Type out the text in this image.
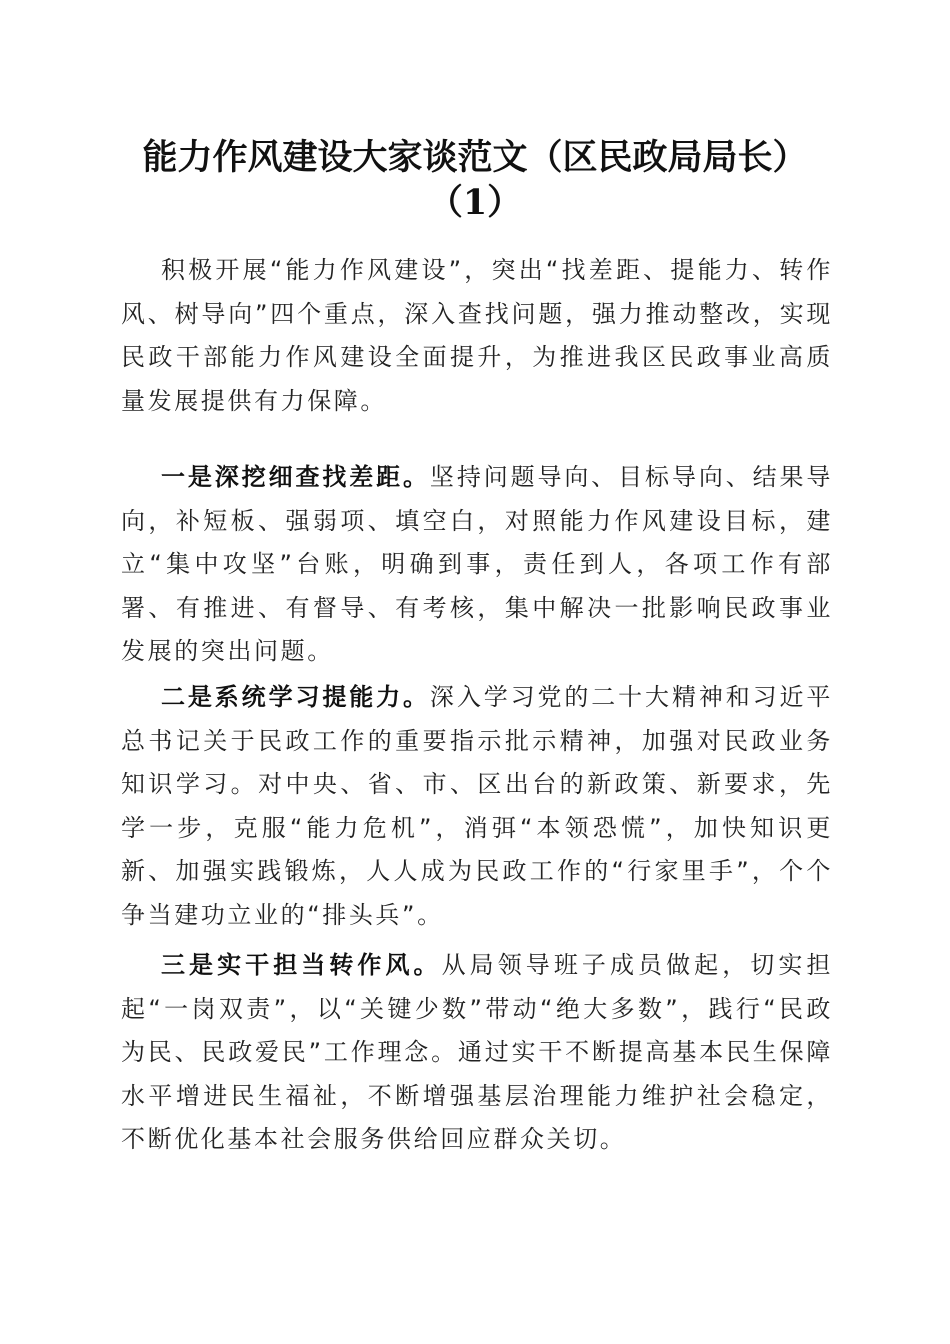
能力作风建设大家谈范文（区民政局局长）
（1）

积极开展“能力作风建设”，突出“找差距、提能力、转作风、树导向”四个重点，深入查找问题，强力推动整改，实现民政干部能力作风建设全面提升，为推进我区民政事业高质量发展提供有力保障。

一是深挖细查找差距。坚持问题导向、目标导向、结果导向，补短板、强弱项、填空白，对照能力作风建设目标，建立“集中攻坚”台账，明确到事，责任到人，各项工作有部署、有推进、有督导、有考核，集中解决一批影响民政事业发展的突出问题。

二是系统学习提能力。深入学习党的二十大精神和习近平总书记关于民政工作的重要指示批示精神，加强对民政业务知识学习。对中央、省、市、区出台的新政策、新要求，先学一步，克服“能力危机”，消弭“本领恐慌”，加快知识更新、加强实践锻炼，人人成为民政工作的“行家里手”，个个争当建功立业的“排头兵”。

三是实干担当转作风。从局领导班子成员做起，切实担起“一岗双责”，以“关键少数”带动“绝大多数”，践行“民政为民、民政爱民”工作理念。通过实干不断提高基本民生保障水平增进民生福祉，不断增强基层治理能力维护社会稳定，不断优化基本社会服务供给回应群众关切。
